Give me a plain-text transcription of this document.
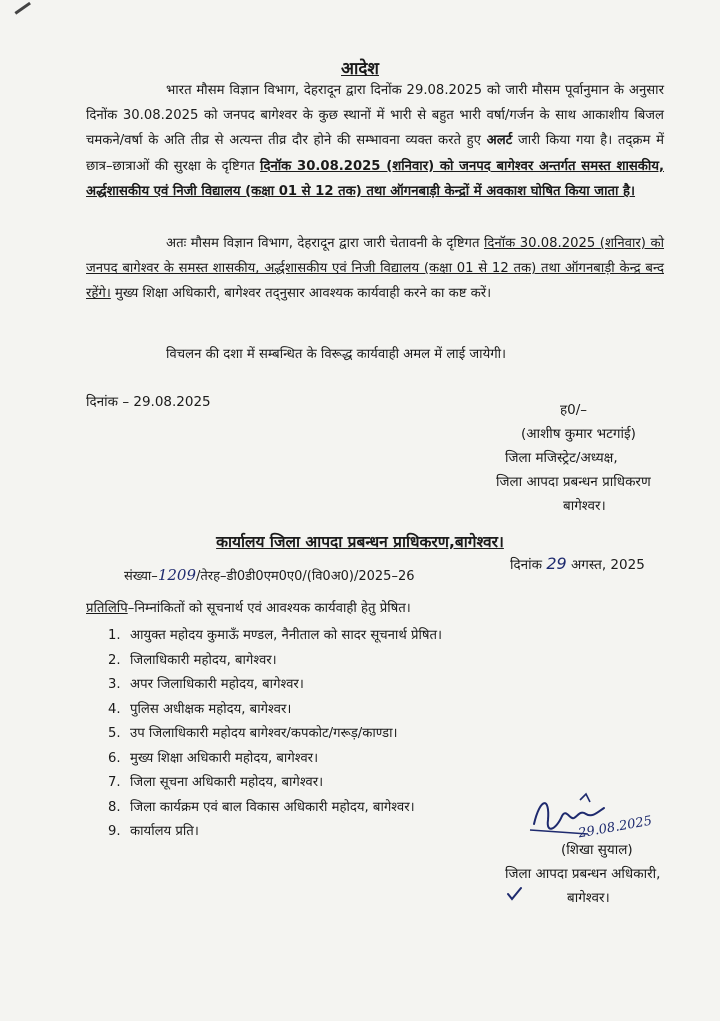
आदेश
भारत मौसम विज्ञान विभाग, देहरादून द्वारा दिनोंक 29.08.2025 को जारी मौसम पूर्वानुमान के अनुसार दिनोंक 30.08.2025 को जनपद बागेश्वर के कुछ स्थानों में भारी से बहुत भारी वर्षा/गर्जन के साथ आकाशीय बिजल चमकने/वर्षा के अति तीव्र से अत्यन्त तीव्र दौर होने की सम्भावना व्यक्त करते हुए अलर्ट जारी किया गया है। तद्क्रम में छात्र–छात्राओं की सुरक्षा के दृष्टिगत दिनॉक 30.08.2025 (शनिवार) को जनपद बागेश्वर अन्तर्गत समस्त शासकीय, अर्द्धशासकीय एवं निजी विद्यालय (कक्षा 01 से 12 तक) तथा ऑगनबाड़ी केन्द्रों में अवकाश घोषित किया जाता है।
अतः मौसम विज्ञान विभाग, देहरादून द्वारा जारी चेतावनी के दृष्टिगत दिनॉक 30.08.2025 (शनिवार) को जनपद बागेश्वर के समस्त शासकीय, अर्द्धशासकीय एवं निजी विद्यालय (कक्षा 01 से 12 तक) तथा ऑगनबाड़ी केन्द्र बन्द रहेंगे। मुख्य शिक्षा अधिकारी, बागेश्वर तद्नुसार आवश्यक कार्यवाही करने का कष्ट करें।
विचलन की दशा में सम्बन्धित के विरूद्ध कार्यवाही अमल में लाई जायेगी।
दिनांक – 29.08.2025	ह0/–
(आशीष कुमार भटगांई)
जिला मजिस्ट्रेट/अध्यक्ष,
जिला आपदा प्रबन्धन प्राधिकरण
बागेश्वर।
कार्यालय जिला आपदा प्रबन्धन प्राधिकरण,बागेश्वर।
संख्या–1209/तेरह–डी0डी0एम0ए0/(वि0अ0)/2025–26
दिनांक 29 अगस्त, 2025
प्रतिलिपि–निम्नांकितों को सूचनार्थ एवं आवश्यक कार्यवाही हेतु प्रेषित।
1. आयुक्त महोदय कुमाऊँ मण्डल, नैनीताल को सादर सूचनार्थ प्रेषित।
2. जिलाधिकारी महोदय, बागेश्वर।
3. अपर जिलाधिकारी महोदय, बागेश्वर।
4. पुलिस अधीक्षक महोदय, बागेश्वर।
5. उप जिलाधिकारी महोदय बागेश्वर/कपकोट/गरूड़/काण्डा।
6. मुख्य शिक्षा अधिकारी महोदय, बागेश्वर।
7. जिला सूचना अधिकारी महोदय, बागेश्वर।
8. जिला कार्यक्रम एवं बाल विकास अधिकारी महोदय, बागेश्वर।
9. कार्यालय प्रति।	29.08.2025
(शिखा सुयाल)
जिला आपदा प्रबन्धन अधिकारी,
बागेश्वर।
